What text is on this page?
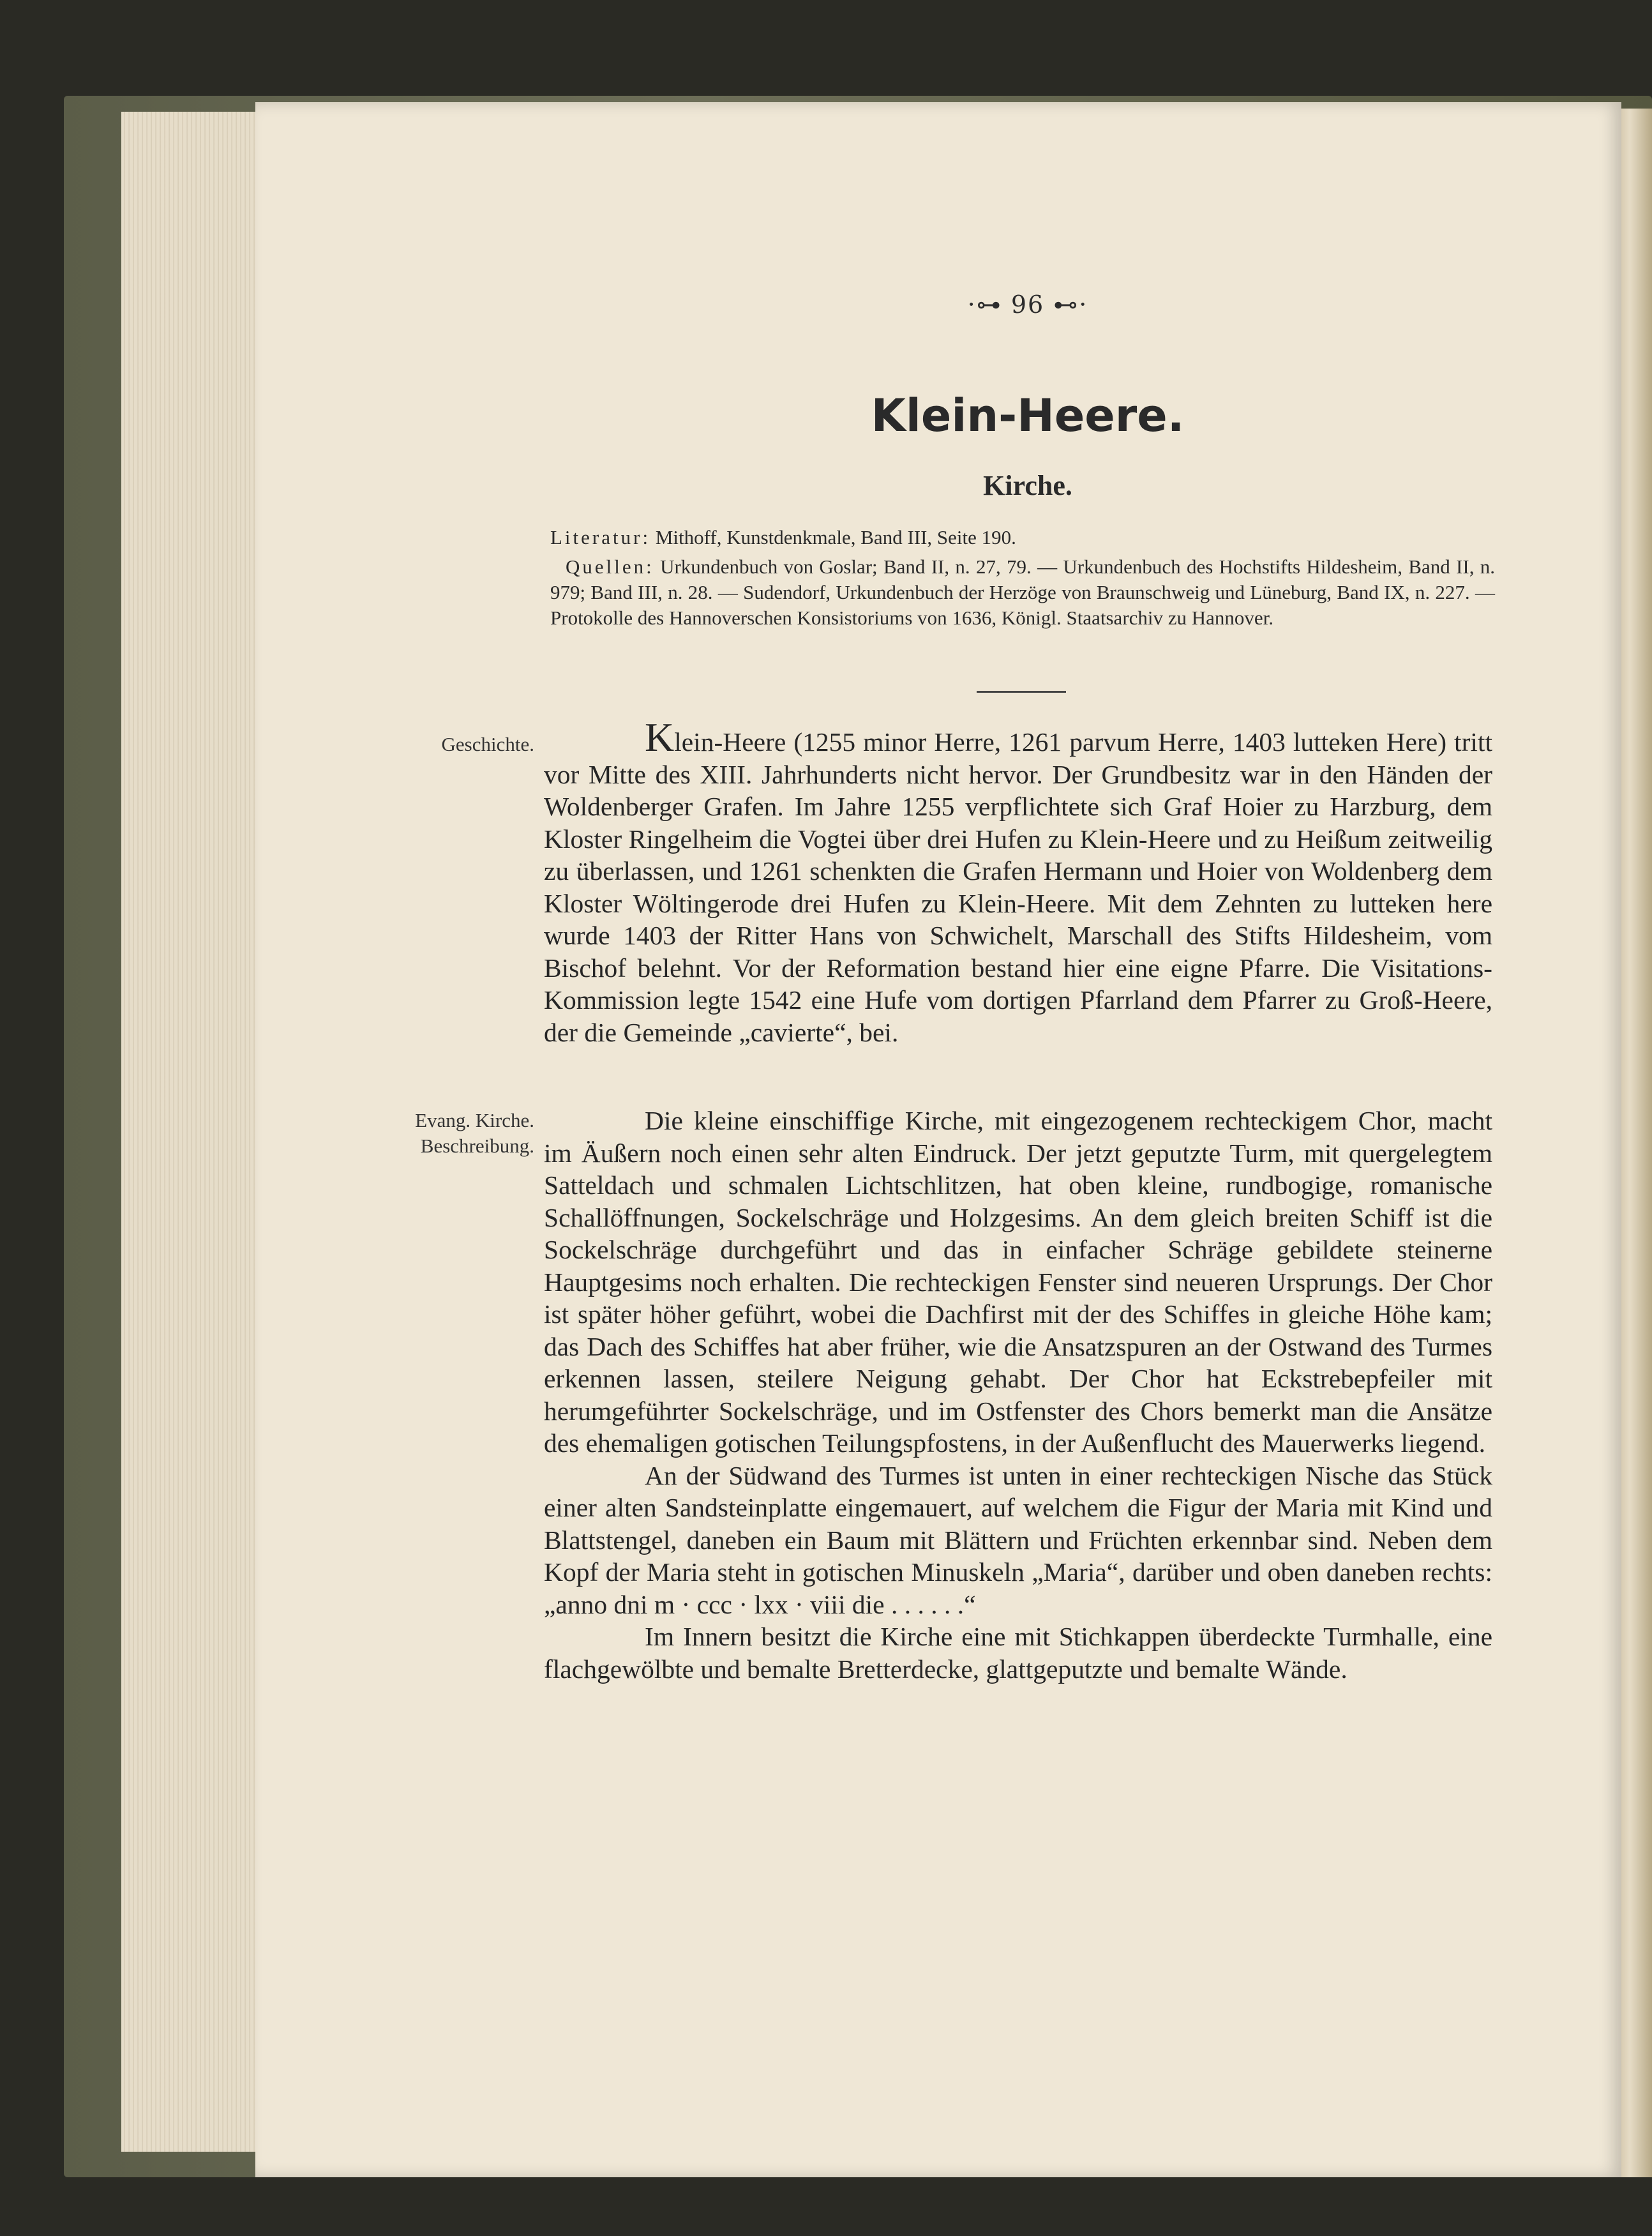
·⊶ 96 ⊷·
Klein-Heere.
Kirche.
Literatur: Mithoff, Kunstdenkmale, Band III, Seite 190.
Quellen: Urkundenbuch von Goslar; Band II, n. 27, 79. — Urkundenbuch des Hochstifts Hildesheim, Band II, n. 979; Band III, n. 28. — Sudendorf, Urkundenbuch der Herzöge von Braunschweig und Lüneburg, Band IX, n. 227. — Protokolle des Hannoverschen Konsistoriums von 1636, Königl. Staatsarchiv zu Hannover.
Geschichte.
Evang. Kirche.
Beschreibung.

Klein-Heere (1255 minor Herre, 1261 parvum Herre, 1403 lutteken Here) tritt vor Mitte des XIII. Jahrhunderts nicht hervor. Der Grundbesitz war in den Händen der Woldenberger Grafen. Im Jahre 1255 verpflichtete sich Graf Hoier zu Harzburg, dem Kloster Ringelheim die Vogtei über drei Hufen zu Klein-Heere und zu Heißum zeitweilig zu überlassen, und 1261 schenkten die Grafen Hermann und Hoier von Woldenberg dem Kloster Wöltingerode drei Hufen zu Klein-Heere. Mit dem Zehnten zu lutteken here wurde 1403 der Ritter Hans von Schwichelt, Marschall des Stifts Hildesheim, vom Bischof belehnt. Vor der Reformation bestand hier eine eigne Pfarre. Die Visitations-Kommission legte 1542 eine Hufe vom dortigen Pfarrland dem Pfarrer zu Groß-Heere, der die Gemeinde „cavierte“, bei.

Die kleine einschiffige Kirche, mit eingezogenem rechteckigem Chor, macht im Äußern noch einen sehr alten Eindruck. Der jetzt geputzte Turm, mit quergelegtem Satteldach und schmalen Lichtschlitzen, hat oben kleine, rundbogige, romanische Schallöffnungen, Sockelschräge und Holzgesims. An dem gleich breiten Schiff ist die Sockelschräge durchgeführt und das in einfacher Schräge gebildete steinerne Hauptgesims noch erhalten. Die rechteckigen Fenster sind neueren Ursprungs. Der Chor ist später höher geführt, wobei die Dachfirst mit der des Schiffes in gleiche Höhe kam; das Dach des Schiffes hat aber früher, wie die Ansatzspuren an der Ostwand des Turmes erkennen lassen, steilere Neigung gehabt. Der Chor hat Eckstrebepfeiler mit herumgeführter Sockelschräge, und im Ostfenster des Chors bemerkt man die Ansätze des ehemaligen gotischen Teilungspfostens, in der Außenflucht des Mauerwerks liegend.

An der Südwand des Turmes ist unten in einer rechteckigen Nische das Stück einer alten Sandsteinplatte eingemauert, auf welchem die Figur der Maria mit Kind und Blattstengel, daneben ein Baum mit Blättern und Früchten erkennbar sind. Neben dem Kopf der Maria steht in gotischen Minuskeln „Maria“, darüber und oben daneben rechts: „anno dni m · ccc · lxx · viii die . . . . . .“

Im Innern besitzt die Kirche eine mit Stichkappen überdeckte Turmhalle, eine flachgewölbte und bemalte Bretterdecke, glattgeputzte und bemalte Wände.
